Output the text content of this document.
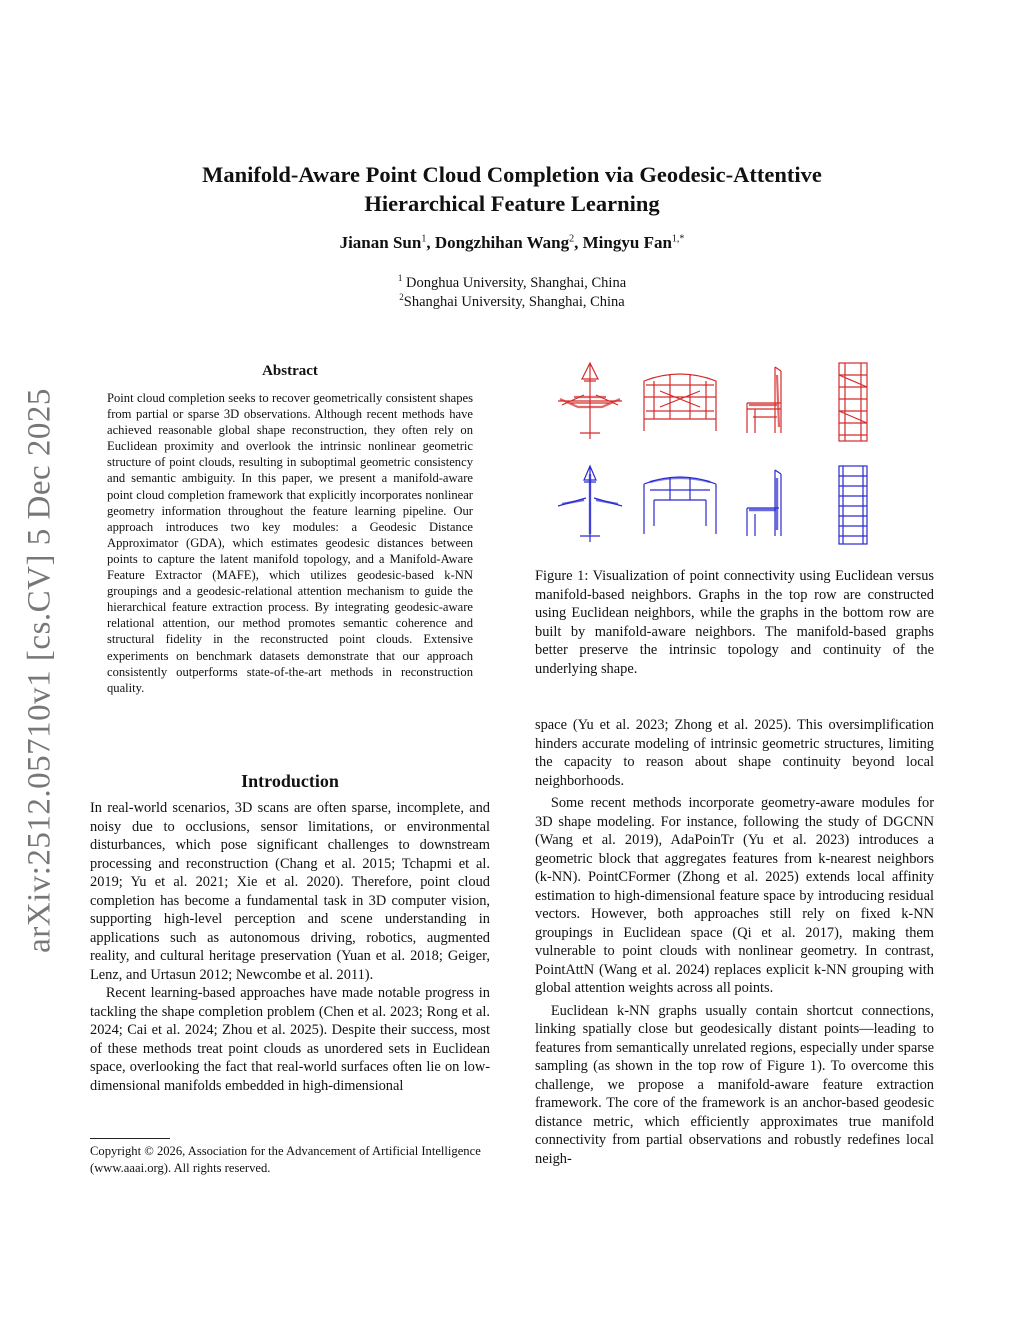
arXiv:2512.05710v1 [cs.CV] 5 Dec 2025
Manifold-Aware Point Cloud Completion via Geodesic-Attentive
Hierarchical Feature Learning
Jianan Sun$^1$, Dongzhihan Wang$^2$, Mingyu Fan$^{1,*}$
$^1$ Donghua University, Shanghai, China
$^2$Shanghai University, Shanghai, China
Abstract
Point cloud completion seeks to recover geometrically consistent shapes from partial or sparse 3D observations. Although recent methods have achieved reasonable global shape reconstruction, they often rely on Euclidean proximity and overlook the intrinsic nonlinear geometric structure of point clouds, resulting in suboptimal geometric consistency and semantic ambiguity. In this paper, we present a manifold-aware point cloud completion framework that explicitly incorporates nonlinear geometry information throughout the feature learning pipeline. Our approach introduces two key modules: a Geodesic Distance Approximator (GDA), which estimates geodesic distances between points to capture the latent manifold topology, and a Manifold-Aware Feature Extractor (MAFE), which utilizes geodesic-based k-NN groupings and a geodesic-relational attention mechanism to guide the hierarchical feature extraction process. By integrating geodesic-aware relational attention, our method promotes semantic coherence and structural fidelity in the reconstructed point clouds. Extensive experiments on benchmark datasets demonstrate that our approach consistently outperforms state-of-the-art methods in reconstruction quality.
Introduction

In real-world scenarios, 3D scans are often sparse, incomplete, and noisy due to occlusions, sensor limitations, or environmental disturbances, which pose significant challenges to downstream processing and reconstruction (Chang et al. 2015; Tchapmi et al. 2019; Yu et al. 2021; Xie et al. 2020). Therefore, point cloud completion has become a fundamental task in 3D computer vision, supporting high-level perception and scene understanding in applications such as autonomous driving, robotics, augmented reality, and cultural heritage preservation (Yuan et al. 2018; Geiger, Lenz, and Urtasun 2012; Newcombe et al. 2011).

Recent learning-based approaches have made notable progress in tackling the shape completion problem (Chen et al. 2023; Rong et al. 2024; Cai et al. 2024; Zhou et al. 2025). Despite their success, most of these methods treat point clouds as unordered sets in Euclidean space, overlooking the fact that real-world surfaces often lie on low-dimensional manifolds embedded in high-dimensional

Copyright © 2026, Association for the Advancement of Artificial Intelligence (www.aaai.org). All rights reserved.
Figure 1: Visualization of point connectivity using Euclidean versus manifold-based neighbors. Graphs in the top row are constructed using Euclidean neighbors, while the graphs in the bottom row are built by manifold-aware neighbors. The manifold-based graphs better preserve the intrinsic topology and continuity of the underlying shape.

space (Yu et al. 2023; Zhong et al. 2025). This oversimplification hinders accurate modeling of intrinsic geometric structures, limiting the capacity to reason about shape continuity beyond local neighborhoods.

Some recent methods incorporate geometry-aware modules for 3D shape modeling. For instance, following the study of DGCNN (Wang et al. 2019), AdaPoinTr (Yu et al. 2023) introduces a geometric block that aggregates features from k-nearest neighbors (k-NN). PointCFormer (Zhong et al. 2025) extends local affinity estimation to high-dimensional feature space by introducing residual vectors. However, both approaches still rely on fixed k-NN groupings in Euclidean space (Qi et al. 2017), making them vulnerable to point clouds with nonlinear geometry. In contrast, PointAttN (Wang et al. 2024) replaces explicit k-NN grouping with global attention weights across all points.

Euclidean k-NN graphs usually contain shortcut connections, linking spatially close but geodesically distant points—leading to features from semantically unrelated regions, especially under sparse sampling (as shown in the top row of Figure 1). To overcome this challenge, we propose a manifold-aware feature extraction framework. The core of the framework is an anchor-based geodesic distance metric, which efficiently approximates true manifold connectivity from partial observations and robustly redefines local neigh-
